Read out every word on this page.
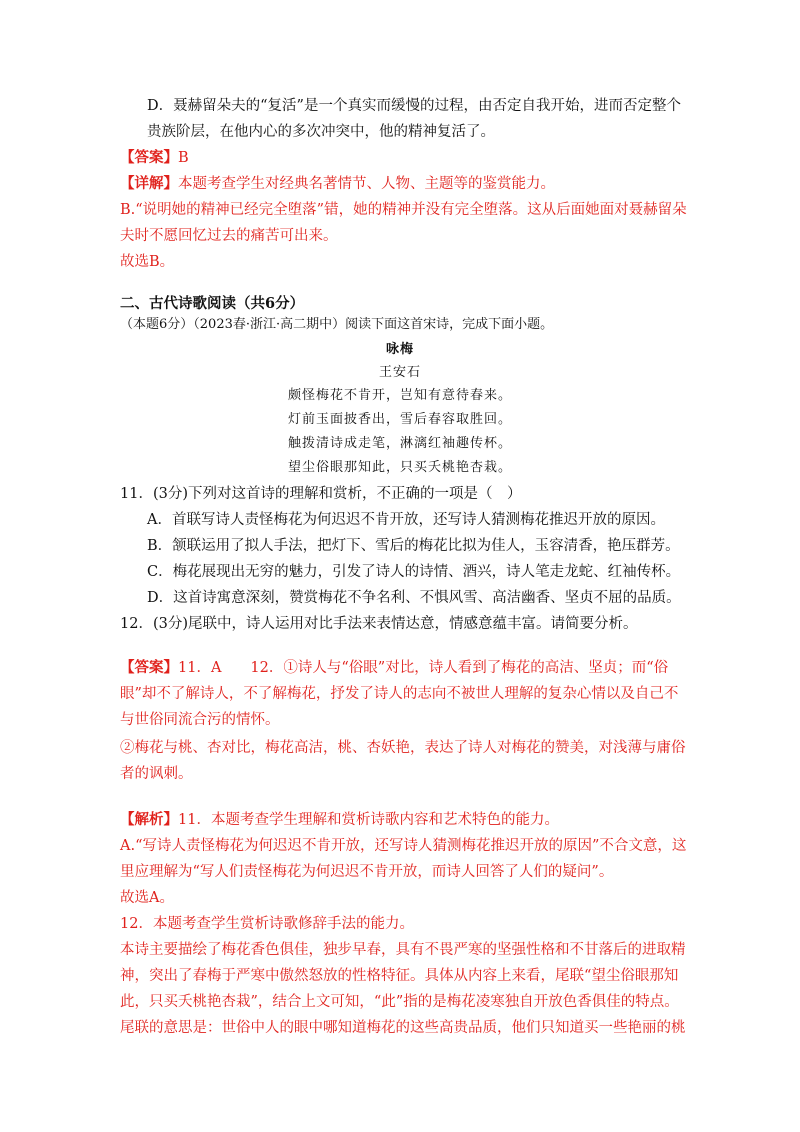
D．聂赫留朵夫的“复活”是一个真实而缓慢的过程，由否定自我开始，进而否定整个
贵族阶层，在他内心的多次冲突中，他的精神复活了。
【答案】B
【详解】本题考查学生对经典名著情节、人物、主题等的鉴赏能力。
B.“说明她的精神已经完全堕落”错，她的精神并没有完全堕落。这从后面她面对聂赫留朵
夫时不愿回忆过去的痛苦可出来。
故选B。
二、古代诗歌阅读（共6分）
（本题6分）（2023春·浙江·高二期中）阅读下面这首宋诗，完成下面小题。
咏梅
王安石
颇怪梅花不肯开，岂知有意待春来。
灯前玉面披香出，雪后春容取胜回。
触拨清诗成走笔，淋漓红袖趣传杯。
望尘俗眼那知此，只买夭桃艳杏栽。
11．(3分)下列对这首诗的理解和赏析，不正确的一项是（　）
A．首联写诗人责怪梅花为何迟迟不肯开放，还写诗人猜测梅花推迟开放的原因。
B．颔联运用了拟人手法，把灯下、雪后的梅花比拟为佳人，玉容清香，艳压群芳。
C．梅花展现出无穷的魅力，引发了诗人的诗情、酒兴，诗人笔走龙蛇、红袖传杯。
D．这首诗寓意深刻，赞赏梅花不争名利、不惧风雪、高洁幽香、坚贞不屈的品质。
12．(3分)尾联中，诗人运用对比手法来表情达意，情感意蕴丰富。请简要分析。
【答案】11．A　　12．①诗人与“俗眼”对比，诗人看到了梅花的高洁、坚贞；而“俗
眼”却不了解诗人，不了解梅花，抒发了诗人的志向不被世人理解的复杂心情以及自己不
与世俗同流合污的情怀。
②梅花与桃、杏对比，梅花高洁，桃、杏妖艳，表达了诗人对梅花的赞美，对浅薄与庸俗
者的讽刺。
【解析】11．本题考查学生理解和赏析诗歌内容和艺术特色的能力。
A.“写诗人责怪梅花为何迟迟不肯开放，还写诗人猜测梅花推迟开放的原因”不合文意，这
里应理解为“写人们责怪梅花为何迟迟不肯开放，而诗人回答了人们的疑问”。
故选A。
12．本题考查学生赏析诗歌修辞手法的能力。
本诗主要描绘了梅花香色俱佳，独步早春，具有不畏严寒的坚强性格和不甘落后的进取精
神，突出了春梅于严寒中傲然怒放的性格特征。具体从内容上来看，尾联“望尘俗眼那知
此，只买夭桃艳杏栽”，结合上文可知，“此”指的是梅花凌寒独自开放色香俱佳的特点。
尾联的意思是：世俗中人的眼中哪知道梅花的这些高贵品质，他们只知道买一些艳丽的桃
